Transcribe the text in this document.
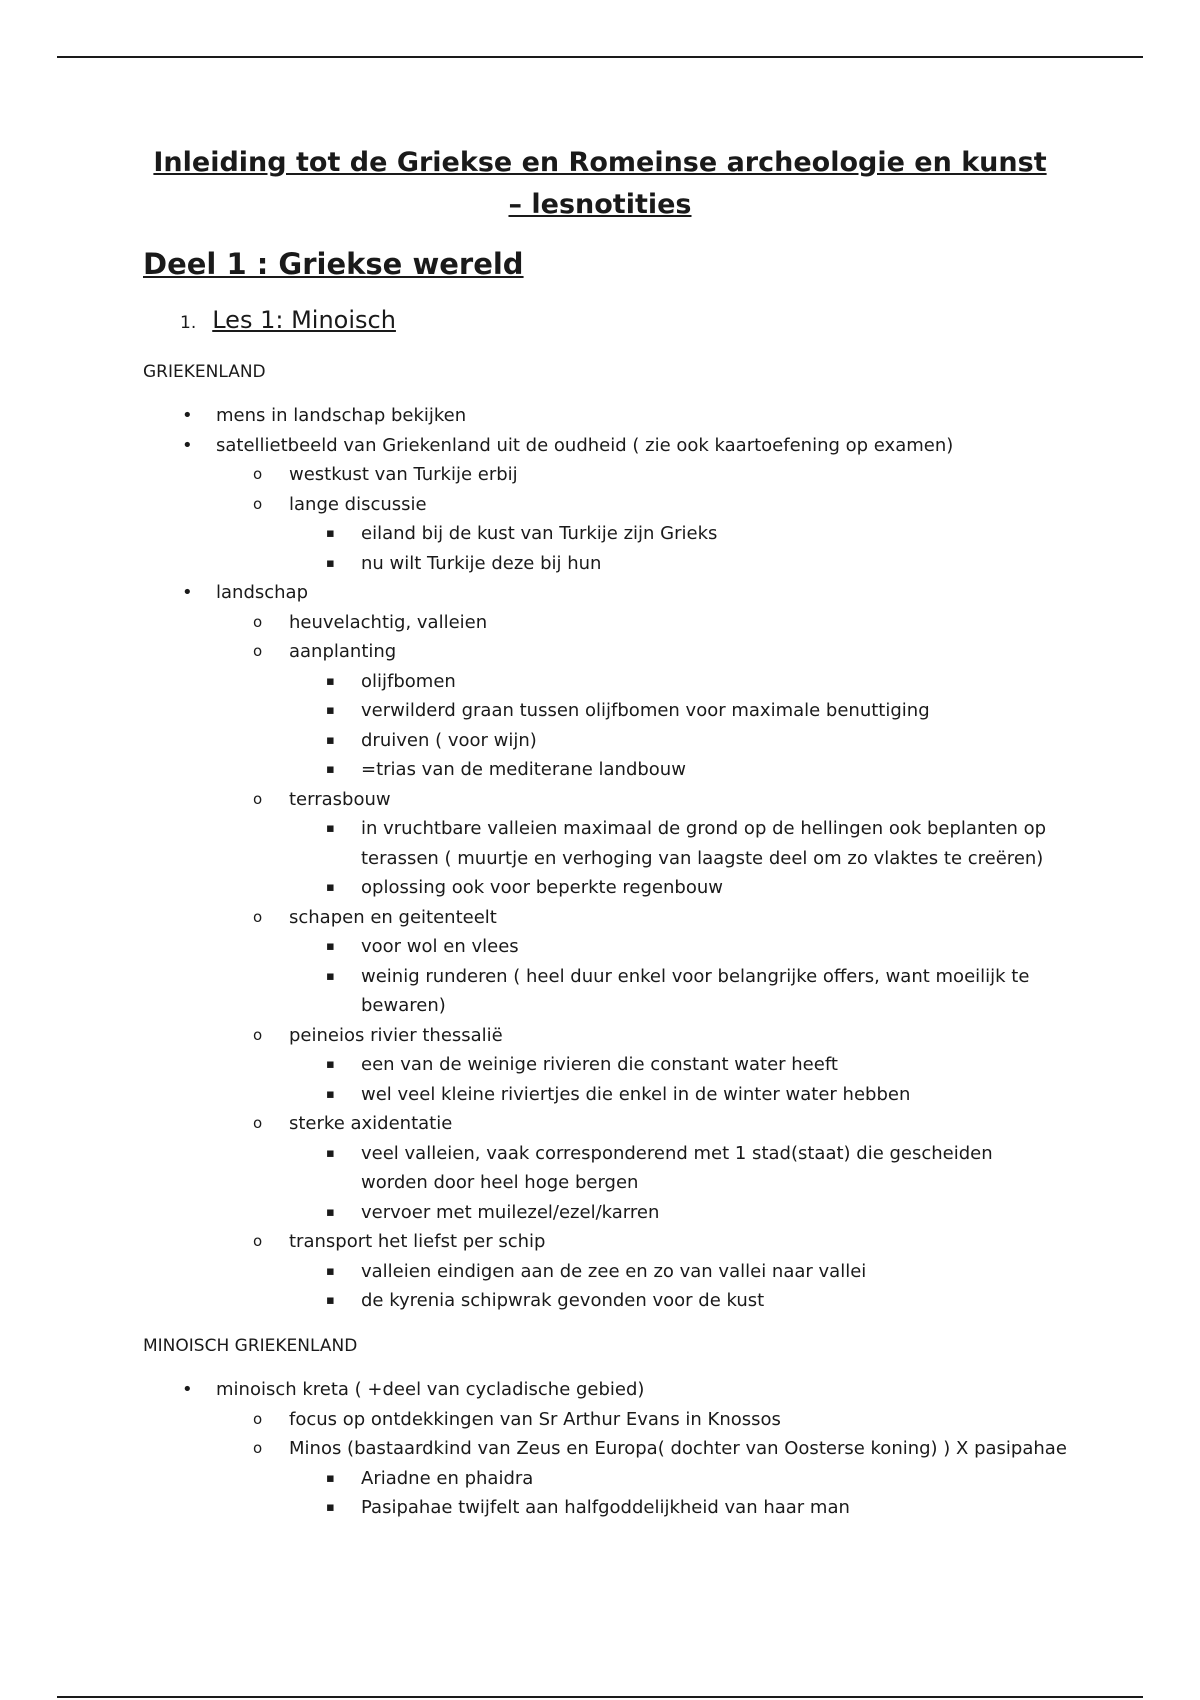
Inleiding tot de Griekse en Romeinse archeologie en kunst
– lesnotities
Deel 1 : Griekse wereld
1. Les 1: Minoisch
GRIEKENLAND
• mens in landschap bekijken
• satellietbeeld van Griekenland uit de oudheid ( zie ook kaartoefening op examen)
o westkust van Turkije erbij
o lange discussie
▪ eiland bij de kust van Turkije zijn Grieks
▪ nu wilt Turkije deze bij hun
• landschap
o heuvelachtig, valleien
o aanplanting
▪ olijfbomen
▪ verwilderd graan tussen olijfbomen voor maximale benuttiging
▪ druiven ( voor wijn)
▪ =trias van de mediterane landbouw
o terrasbouw
▪ in vruchtbare valleien maximaal de grond op de hellingen ook beplanten op terassen ( muurtje en verhoging van laagste deel om zo vlaktes te creëren)
▪ oplossing ook voor beperkte regenbouw
o schapen en geitenteelt
▪ voor wol en vlees
▪ weinig runderen ( heel duur enkel voor belangrijke offers, want moeilijk te bewaren)
o peineios rivier thessalië
▪ een van de weinige rivieren die constant water heeft
▪ wel veel kleine riviertjes die enkel in de winter water hebben
o sterke axidentatie
▪ veel valleien, vaak corresponderend met 1 stad(staat) die gescheiden worden door heel hoge bergen
▪ vervoer met muilezel/ezel/karren
o transport het liefst per schip
▪ valleien eindigen aan de zee en zo van vallei naar vallei
▪ de kyrenia schipwrak gevonden voor de kust
MINOISCH GRIEKENLAND
• minoisch kreta ( +deel van cycladische gebied)
o focus op ontdekkingen van Sr Arthur Evans in Knossos
o Minos (bastaardkind van Zeus en Europa( dochter van Oosterse koning) ) X pasipahae
▪ Ariadne en phaidra
▪ Pasipahae twijfelt aan halfgoddelijkheid van haar man
